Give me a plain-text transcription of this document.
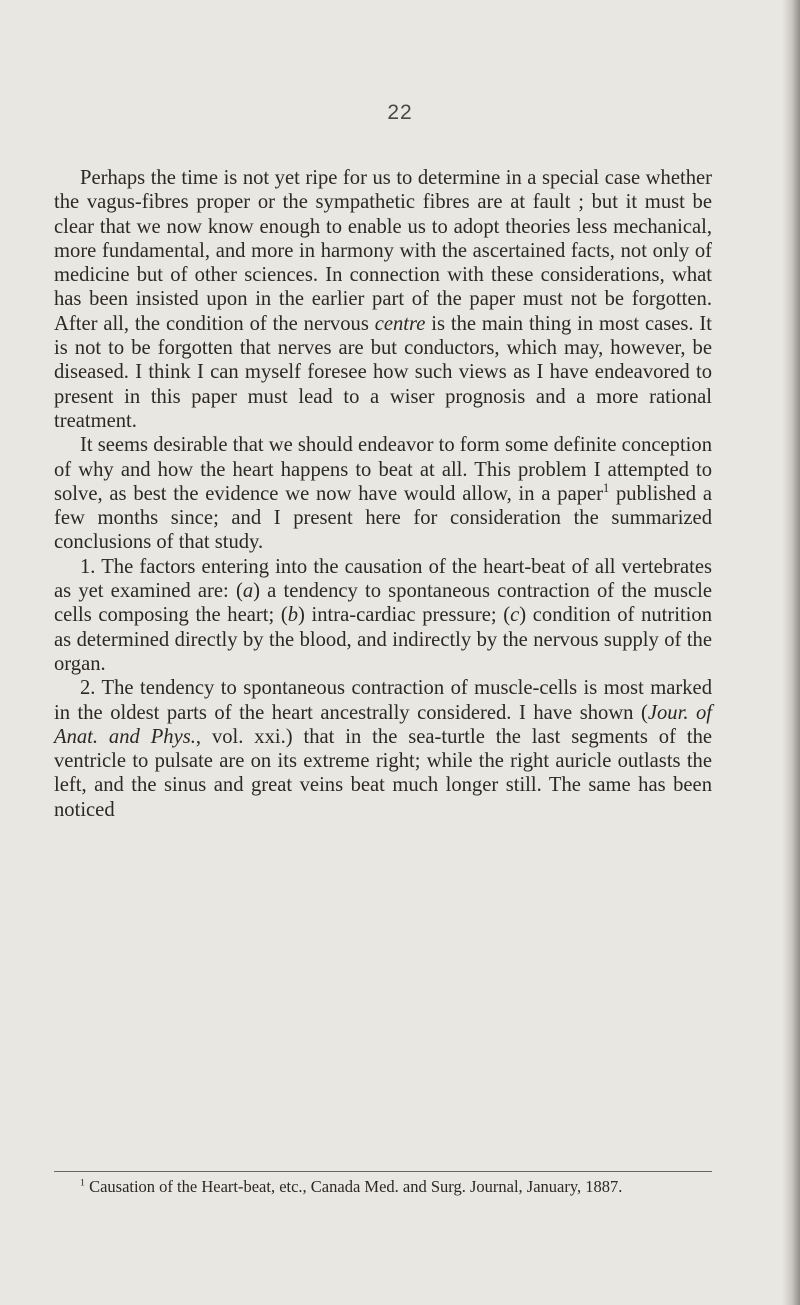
22

Perhaps the time is not yet ripe for us to determine in a special case whether the vagus-fibres proper or the sympathetic fibres are at fault ; but it must be clear that we now know enough to enable us to adopt theories less mechanical, more fundamental, and more in harmony with the ascertained facts, not only of medicine but of other sciences. In connection with these considerations, what has been insisted upon in the earlier part of the paper must not be forgotten. After all, the condition of the nervous centre is the main thing in most cases. It is not to be forgotten that nerves are but conductors, which may, however, be diseased. I think I can myself foresee how such views as I have endeavored to present in this paper must lead to a wiser prognosis and a more rational treatment.

It seems desirable that we should endeavor to form some definite conception of why and how the heart happens to beat at all. This problem I attempted to solve, as best the evidence we now have would allow, in a paper$^1$ published a few months since; and I present here for consideration the summarized conclusions of that study.

1. The factors entering into the causation of the heart-beat of all vertebrates as yet examined are: (a) a tendency to spontaneous contraction of the muscle cells composing the heart; (b) intra-cardiac pressure; (c) condition of nutrition as determined directly by the blood, and indirectly by the nervous supply of the organ.

2. The tendency to spontaneous contraction of muscle-cells is most marked in the oldest parts of the heart ancestrally considered. I have shown (Jour. of Anat. and Phys., vol. xxi.) that in the sea-turtle the last segments of the ventricle to pulsate are on its extreme right; while the right auricle outlasts the left, and the sinus and great veins beat much longer still. The same has been noticed

$^1$ Causation of the Heart-beat, etc., Canada Med. and Surg. Journal, January, 1887.
